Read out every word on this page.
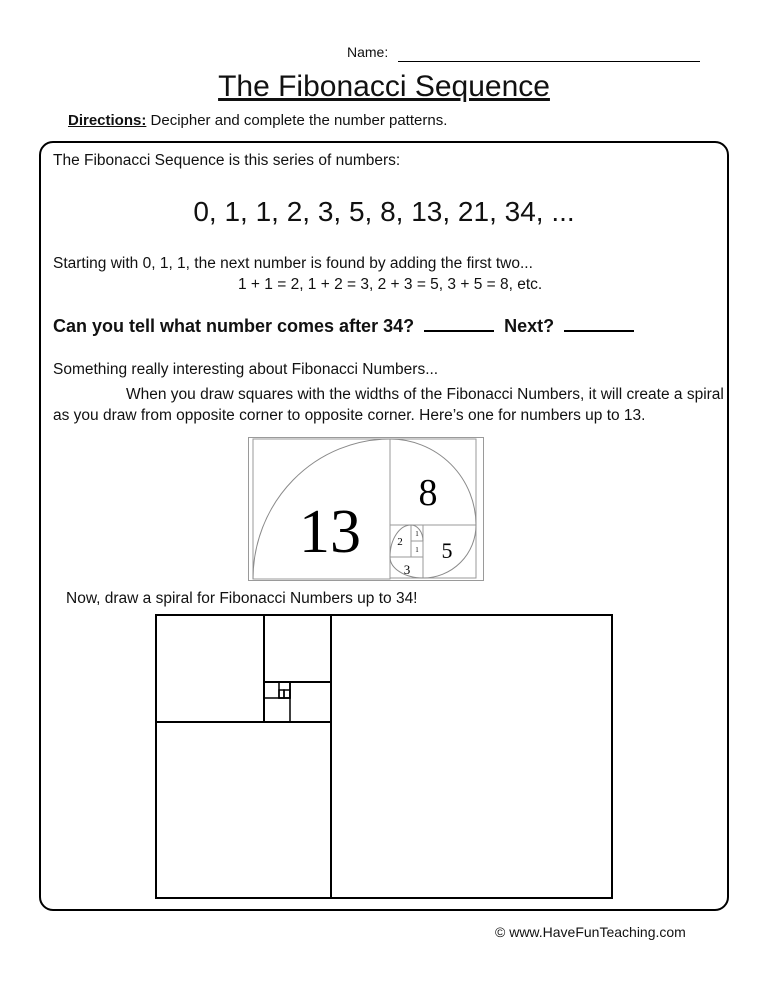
Name:
The Fibonacci Sequence
Directions: Decipher and complete the number patterns.
The Fibonacci Sequence is this series of numbers:
0, 1, 1, 2, 3, 5, 8, 13, 21, 34, ...
Starting with 0, 1, 1, the next number is found by adding the first two...
1 + 1 = 2, 1 + 2 = 3, 2 + 3 = 5, 3 + 5 = 8, etc.
Can you tell what number comes after 34?	Next?
Something really interesting about Fibonacci Numbers...
When you draw squares with the widths of the Fibonacci Numbers, it will create a spiral as you draw from opposite corner to opposite corner. Here’s one for numbers up to 13.
13
8
5
3
2
1
1
Now, draw a spiral for Fibonacci Numbers up to 34!
© www.HaveFunTeaching.com
